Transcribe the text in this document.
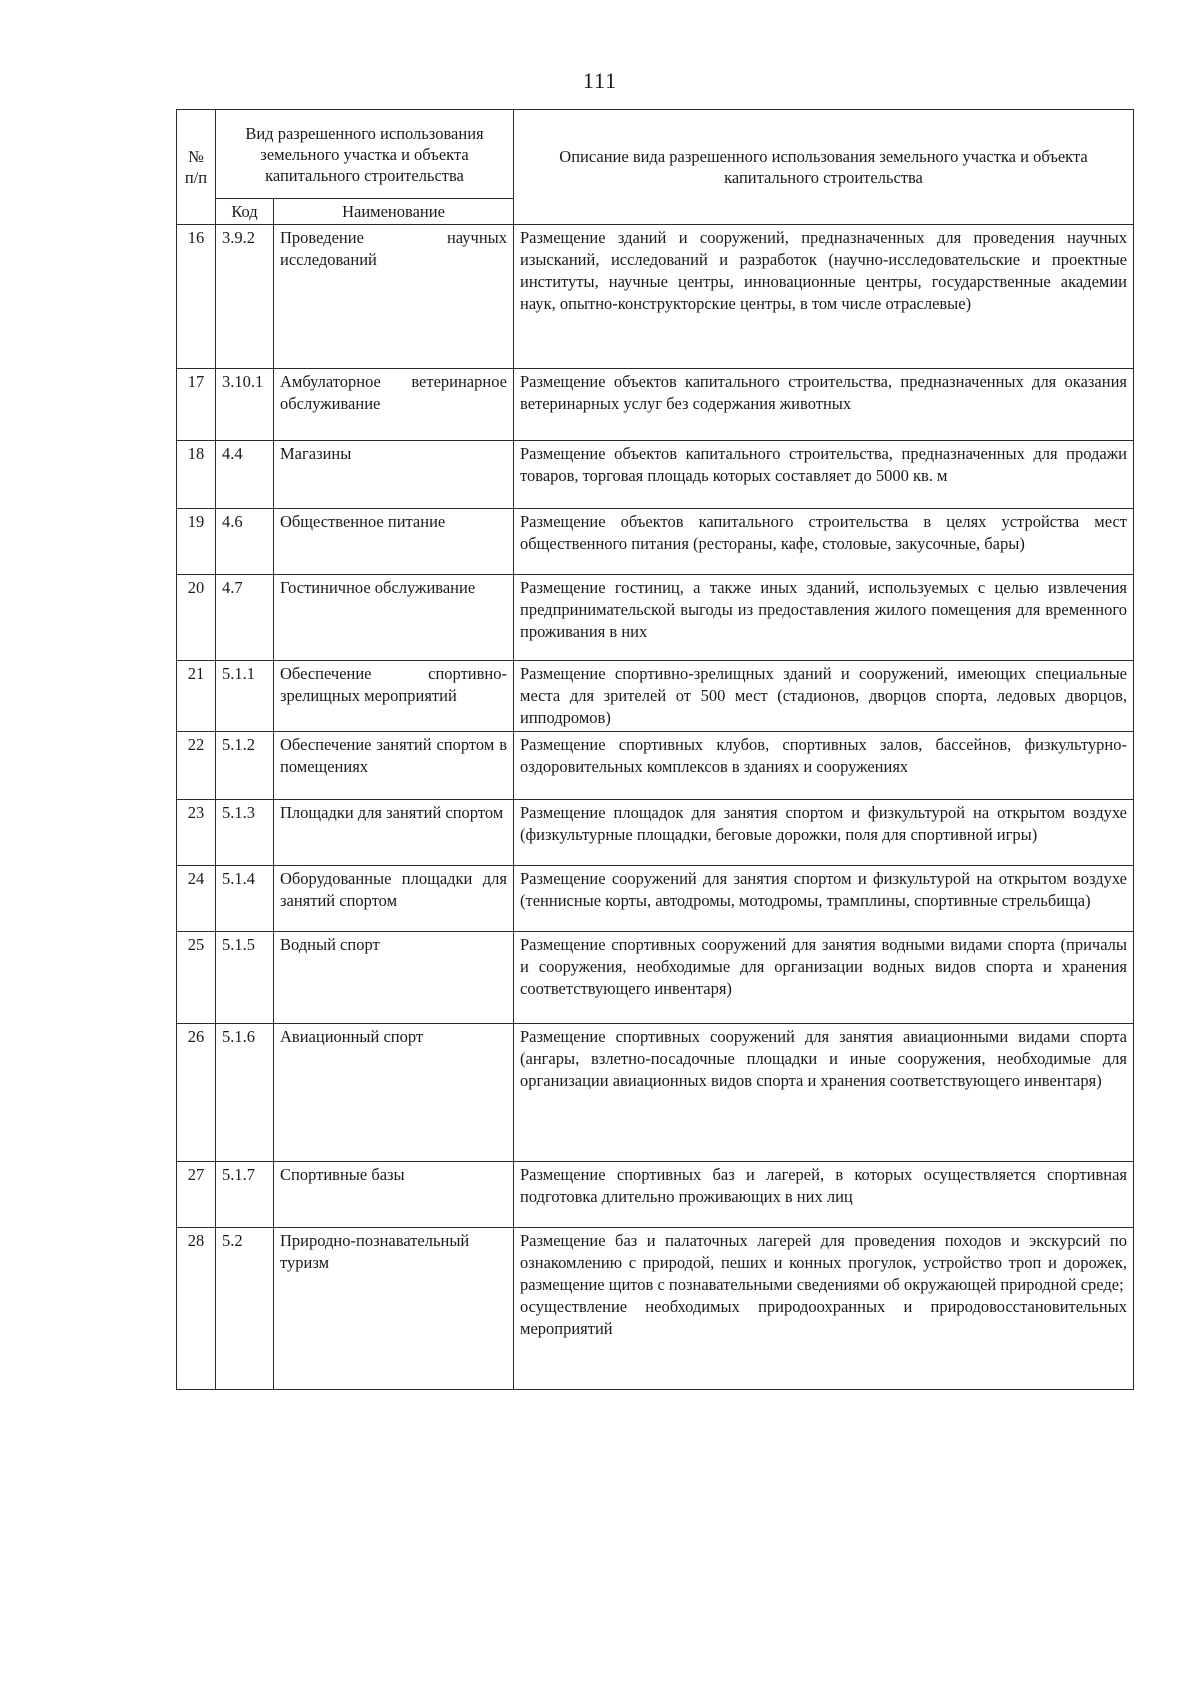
111
№ п/п	Вид разрешенного использования земельного участка и объекта капитального строительства		Описание вида разрешенного использования земельного участка и объекта капитального строительства
	Код	Наименование	
16	3.9.2	Проведение научных исследований	Размещение зданий и сооружений, предназначенных для проведения научных изысканий, исследований и разработок (научно-исследовательские и проектные институты, научные центры, инновационные центры, государственные академии наук, опытно-конструкторские центры, в том числе отраслевые)

17	3.10.1	Амбулаторное ветеринарное обслуживание	Размещение объектов капитального строительства, предназначенных для оказания ветеринарных услуг без содержания животных

18	4.4	Магазины	Размещение объектов капитального строительства, предназначенных для продажи товаров, торговая площадь которых составляет до 5000 кв. м

19	4.6	Общественное питание	Размещение объектов капитального строительства в целях устройства мест общественного питания (рестораны, кафе, столовые, закусочные, бары)

20	4.7	Гостиничное обслуживание	Размещение гостиниц, а также иных зданий, используемых с целью извлечения предпринимательской выгоды из предоставления жилого помещения для временного проживания в них

21	5.1.1	Обеспечение спортивно-зрелищных мероприятий	Размещение спортивно-зрелищных зданий и сооружений, имеющих специальные места для зрителей от 500 мест (стадионов, дворцов спорта, ледовых дворцов, ипподромов)

22	5.1.2	Обеспечение занятий спортом в помещениях	Размещение спортивных клубов, спортивных залов, бассейнов, физкультурно-оздоровительных комплексов в зданиях и сооружениях

23	5.1.3	Площадки для занятий спортом	Размещение площадок для занятия спортом и физкультурой на открытом воздухе (физкультурные площадки, беговые дорожки, поля для спортивной игры)

24	5.1.4	Оборудованные площадки для занятий спортом	Размещение сооружений для занятия спортом и физкультурой на открытом воздухе (теннисные корты, автодромы, мотодромы, трамплины, спортивные стрельбища)

25	5.1.5	Водный спорт	Размещение спортивных сооружений для занятия водными видами спорта (причалы и сооружения, необходимые для организации водных видов спорта и хранения соответствующего инвентаря)

26	5.1.6	Авиационный спорт	Размещение спортивных сооружений для занятия авиационными видами спорта (ангары, взлетно-посадочные площадки и иные сооружения, необходимые для организации авиационных видов спорта и хранения соответствующего инвентаря)

27	5.1.7	Спортивные базы	Размещение спортивных баз и лагерей, в которых осуществляется спортивная подготовка длительно проживающих в них лиц

28	5.2	Природно-познавательный туризм	Размещение баз и палаточных лагерей для проведения походов и экскурсий по ознакомлению с природой, пеших и конных прогулок, устройство троп и дорожек, размещение щитов с познавательными сведениями об окружающей природной среде;
осуществление необходимых природоохранных и природовосстановительных мероприятий
